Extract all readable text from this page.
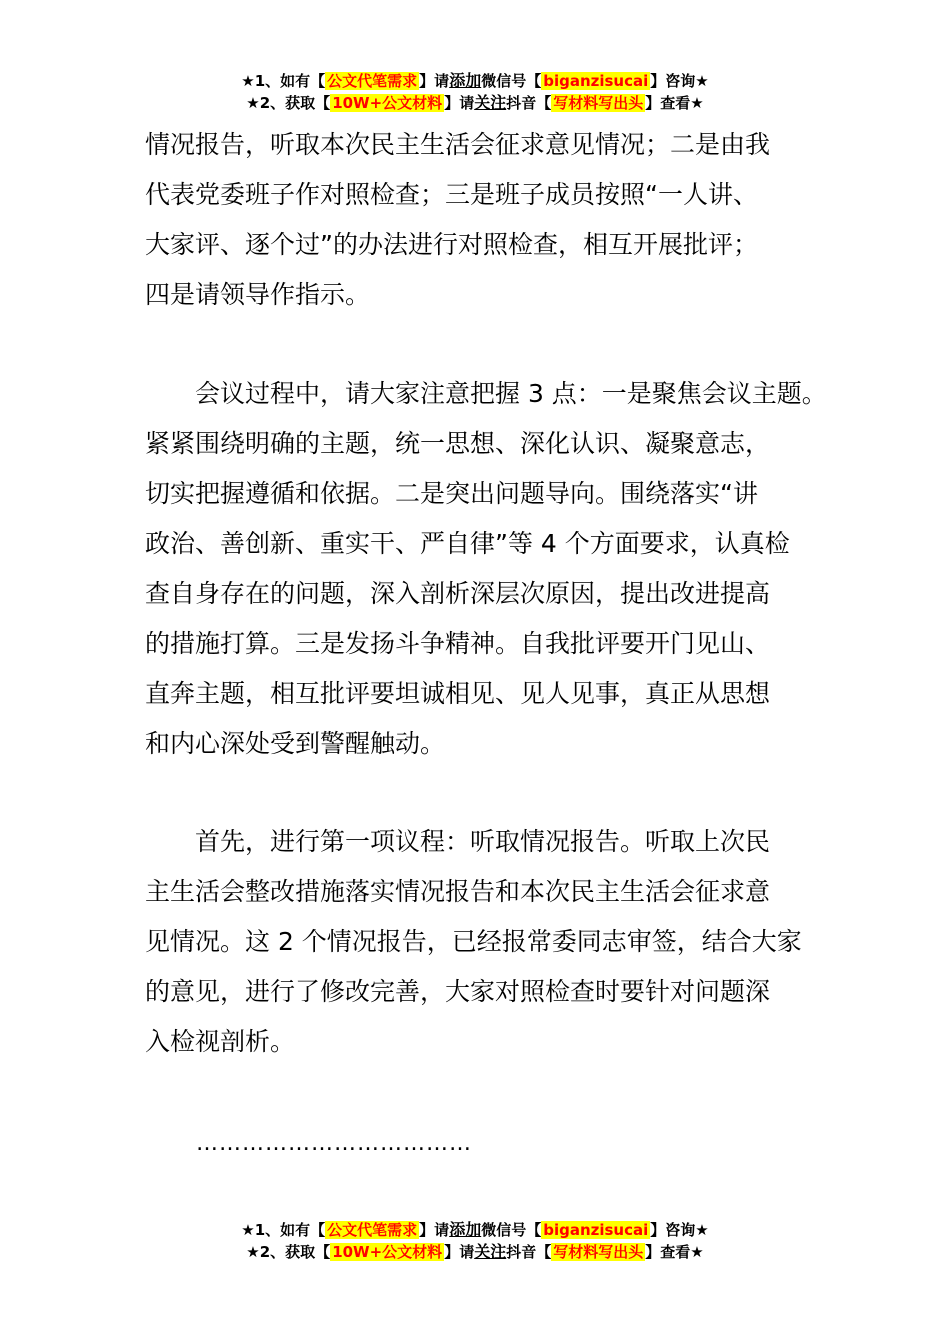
★1、如有【 公文代笔需求 】请添加微信号【 biganzisucai 】咨询★
★2、获取【 10W+公文材料 】请关注抖音【 写材料写出头 】查看★
情况报告，听取本次民主生活会征求意见情况；二是由我
代表党委班子作对照检查；三是班子成员按照“一人讲、
大家评、逐个过”的办法进行对照检查，相互开展批评；
四是请领导作指示。
　　会议过程中，请大家注意把握 3 点：一是聚焦会议主题。
紧紧围绕明确的主题，统一思想、深化认识、凝聚意志，
切实把握遵循和依据。二是突出问题导向。围绕落实“讲
政治、善创新、重实干、严自律”等 4 个方面要求，认真检
查自身存在的问题，深入剖析深层次原因，提出改进提高
的措施打算。三是发扬斗争精神。自我批评要开门见山、
直奔主题，相互批评要坦诚相见、见人见事，真正从思想
和内心深处受到警醒触动。
　　首先，进行第一项议程：听取情况报告。听取上次民
主生活会整改措施落实情况报告和本次民主生活会征求意
见情况。这 2 个情况报告，已经报常委同志审签，结合大家
的意见，进行了修改完善，大家对照检查时要针对问题深
入检视剖析。
………………………………
★1、如有【 公文代笔需求 】请添加微信号【 biganzisucai 】咨询★
★2、获取【 10W+公文材料 】请关注抖音【 写材料写出头 】查看★
